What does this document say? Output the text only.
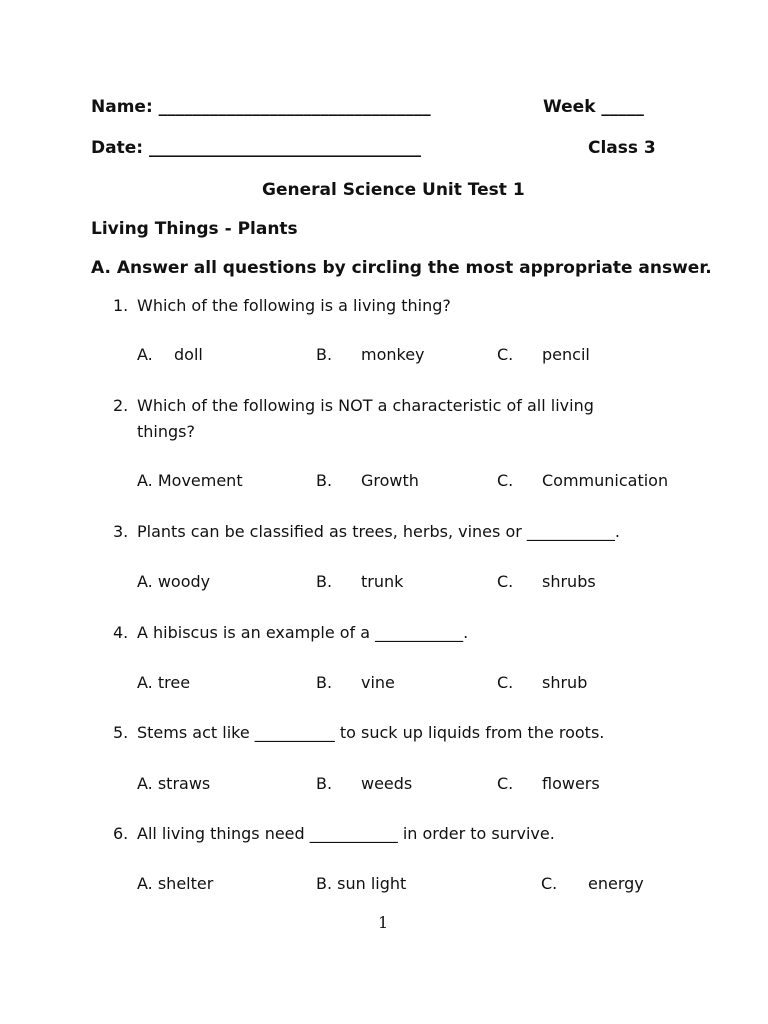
Name: ________________________________	Week _____
Date: ________________________________	Class 3
General Science Unit Test 1
Living Things - Plants
A. Answer all questions by circling the most appropriate answer.
1. Which of the following is a living thing?
A. doll	B. monkey	C. pencil
2. Which of the following is NOT a characteristic of all living
things?
A. Movement	B. Growth	C. Communication
3. Plants can be classified as trees, herbs, vines or ___________.
A. woody	B. trunk	C. shrubs
4. A hibiscus is an example of a ___________.
A. tree	B. vine	C. shrub
5. Stems act like __________ to suck up liquids from the roots.
A. straws	B. weeds	C. flowers
6. All living things need ___________ in order to survive.
A. shelter	B. sun light	C. energy
1
